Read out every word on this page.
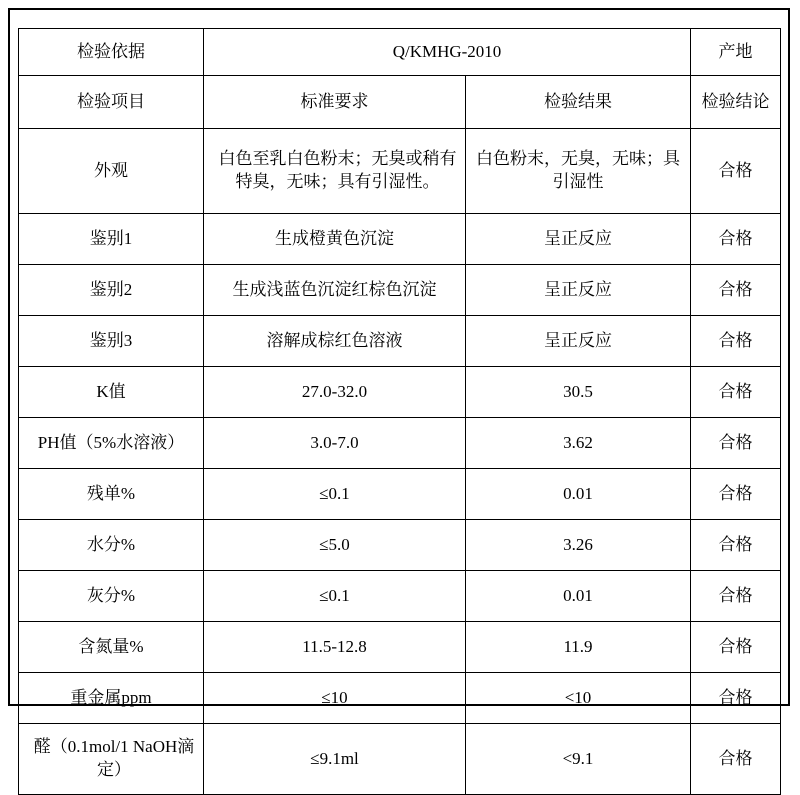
检验依据	Q/KMHG-2010		产地

检验项目	标准要求	检验结果	检验结论
外观	白色至乳白色粉末；无臭或稍有特臭，无味；具有引湿性。	白色粉末，无臭，无味；具引湿性	合格
鉴别1	生成橙黄色沉淀	呈正反应	合格
鉴别2	生成浅蓝色沉淀红棕色沉淀	呈正反应	合格
鉴别3	溶解成棕红色溶液	呈正反应	合格
K值	27.0-32.0	30.5	合格
PH值（5%水溶液）	3.0-7.0	3.62	合格
残单%	≤0.1	0.01	合格
水分%	≤5.0	3.26	合格
灰分%	≤0.1	0.01	合格
含氮量%	11.5-12.8	11.9	合格
重金属ppm	≤10	<10	合格
醛（0.1mol/1 NaOH滴定）	≤9.1ml	<9.1	合格
